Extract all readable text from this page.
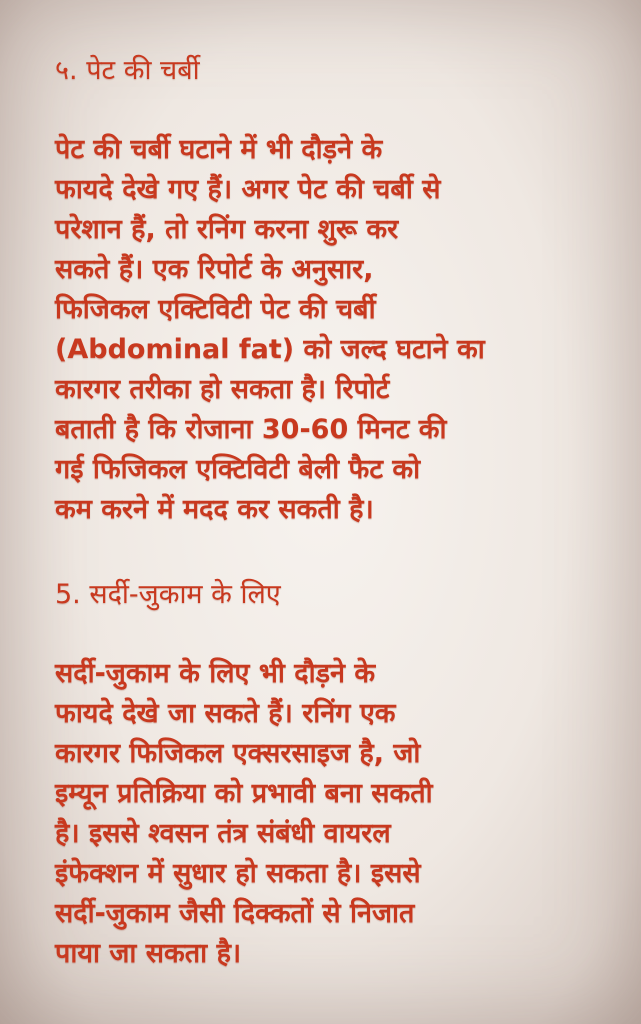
५. पेट की चर्बी

पेट की चर्बी घटाने में भी दौड़ने के
फायदे देखे गए हैं। अगर पेट की चर्बी से
परेशान हैं, तो रनिंग करना शुरू कर
सकते हैं। एक रिपोर्ट के अनुसार,
फिजिकल एक्टिविटी पेट की चर्बी
(Abdominal fat) को जल्द घटाने का
कारगर तरीका हो सकता है। रिपोर्ट
बताती है कि रोजाना 30-60 मिनट की
गई फिजिकल एक्टिविटी बेली फैट को
कम करने में मदद कर सकती है।

5. सर्दी-जुकाम के लिए

सर्दी-जुकाम के लिए भी दौड़ने के
फायदे देखे जा सकते हैं। रनिंग एक
कारगर फिजिकल एक्सरसाइज है, जो
इम्यून प्रतिक्रिया को प्रभावी बना सकती
है। इससे श्वसन तंत्र संबंधी वायरल
इंफेक्शन में सुधार हो सकता है। इससे
सर्दी-जुकाम जैसी दिक्कतों से निजात
पाया जा सकता है।
